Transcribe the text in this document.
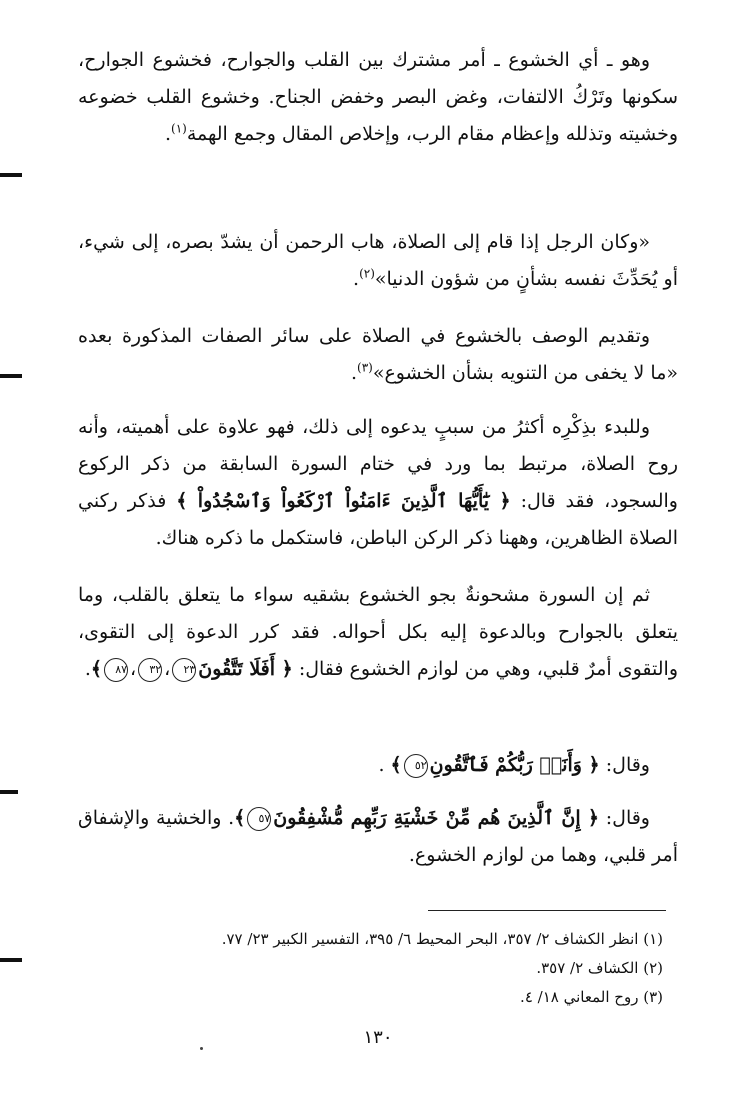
وهو ـ أي الخشوع ـ أمر مشترك بين القلب والجوارح، فخشوع الجوارح، سكونها وتَرْكُ الالتفات، وغض البصر وخفض الجناح. وخشوع القلب خضوعه وخشيته وتذلله وإعظام مقام الرب، وإخلاص المقال وجمع الهمة$^{(١)}$.

«وكان الرجل إذا قام إلى الصلاة، هاب الرحمن أن يشدّ بصره، إلى شيء، أو يُحَدِّثَ نفسه بشأنٍ من شؤون الدنيا»$^{(٢)}$.

وتقديم الوصف بالخشوع في الصلاة على سائر الصفات المذكورة بعده «ما لا يخفى من التنويه بشأن الخشوع»$^{(٣)}$.

وللبدء بذِكْرِه أكثرُ من سببٍ يدعوه إلى ذلك، فهو علاوة على أهميته، وأنه روح الصلاة، مرتبط بما ورد في ختام السورة السابقة من ذكر الركوع والسجود، فقد قال: ﴿ يَٰٓأَيُّهَا ٱلَّذِينَ ءَامَنُواْ ٱرْكَعُواْ وَٱسْجُدُواْ ﴾ فذكر ركني الصلاة الظاهرين، وههنا ذكر الركن الباطن، فاستكمل ما ذكره هناك.

ثم إن السورة مشحونةٌ بجو الخشوع بشقيه سواء ما يتعلق بالقلب، وما يتعلق بالجوارح وبالدعوة إليه بكل أحواله. فقد كرر الدعوة إلى التقوى، والتقوى أمرٌ قلبي، وهي من لوازم الخشوع فقال: ﴿ أَفَلَا تَتَّقُونَ٢٣،٣٢،٨٧﴾.

وقال: ﴿ وَأَنَا۠ رَبُّكُمْ فَٱتَّقُونِ٥٢﴾ .

وقال: ﴿ إِنَّ ٱلَّذِينَ هُم مِّنْ خَشْيَةِ رَبِّهِم مُّشْفِقُونَ٥٧﴾. والخشية والإشفاق أمر قلبي، وهما من لوازم الخشوع.

(١) انظر الكشاف ٢/ ٣٥٧، البحر المحيط ٦/ ٣٩٥، التفسير الكبير ٢٣/ ٧٧.
(٢) الكشاف ٢/ ٣٥٧.
(٣) روح المعاني ١٨/ ٤.
١٣٠
